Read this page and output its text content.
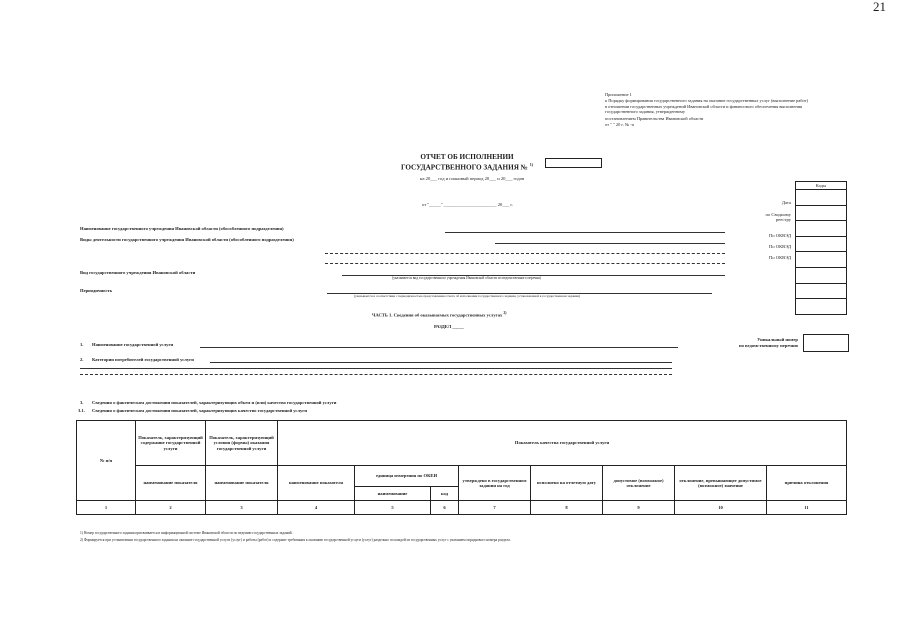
21
Приложение 1
к Порядку формирования государственного задания на оказание государственных услуг (выполнение работ) в отношении государственных учреждений Ивановской области и финансового обеспечения выполнения государственного задания, утвержденному
постановлением Правительства Ивановской области
от " " 20 г. № -п
ОТЧЕТ ОБ ИСПОЛНЕНИИ
ГОСУДАРСТВЕННОГО ЗАДАНИЯ № $^{1)}$
на 20___ год и плановый период 20___ и 20___ годов
от "_____" _______________________ 20___ г.	Дата
по Сводному реестру
По ОКВЭД
По ОКВЭД
По ОКВЭД
Коды

Наименование государственного учреждения Ивановской области (обособленного подразделения)
Виды деятельности государственного учреждения Ивановской области (обособленного подразделения)
Вид государственного учреждения Ивановской области
(указывается вид государственного учреждения Ивановской области из ведомственного перечня)
Периодичность
(указывается в соответствии с периодичностью представления отчета об исполнении государственного задания, установленной в государственном задании)
ЧАСТЬ 1. Сведения об оказываемых государственных услугах $^{2)}$
РАЗДЕЛ _____
1. Наименование государственной услуги
Уникальный номер
по ведомственному перечню
2. Категории потребителей государственной услуги
3. Сведения о фактическом достижении показателей, характеризующих объем и (или) качество государственной услуги
3.1. Сведения о фактическом достижении показателей, характеризующих качество государственной услуги
№ п/п	Показатель, характеризующий содержание государственной услуги	Показатель, характеризующий условия (формы) оказания государственной услуги	Показатель качества государственной услуги							
	наименование показателя	наименование показателя	наименование показателя	единица измерения по ОКЕИ		утверждено в государственном задании на год	исполнено на отчетную дату	допустимое (возможное) отклонение	отклонение, превышающее допустимое (возможное) значение	причина отклонения
				наименование	код					
1	2	3	4	5	6	7	8	9	10	11
1) Номер государственного задания присваивается в информационной системе Ивановской области по ведению государственных заданий.
2) Формируется при установлении государственного задания на оказание государственной услуги (услуг) и работы (работ) и содержит требования к оказанию государственной услуги (услуг) раздельно по каждой из государственных услуг с указанием порядкового номера раздела.
